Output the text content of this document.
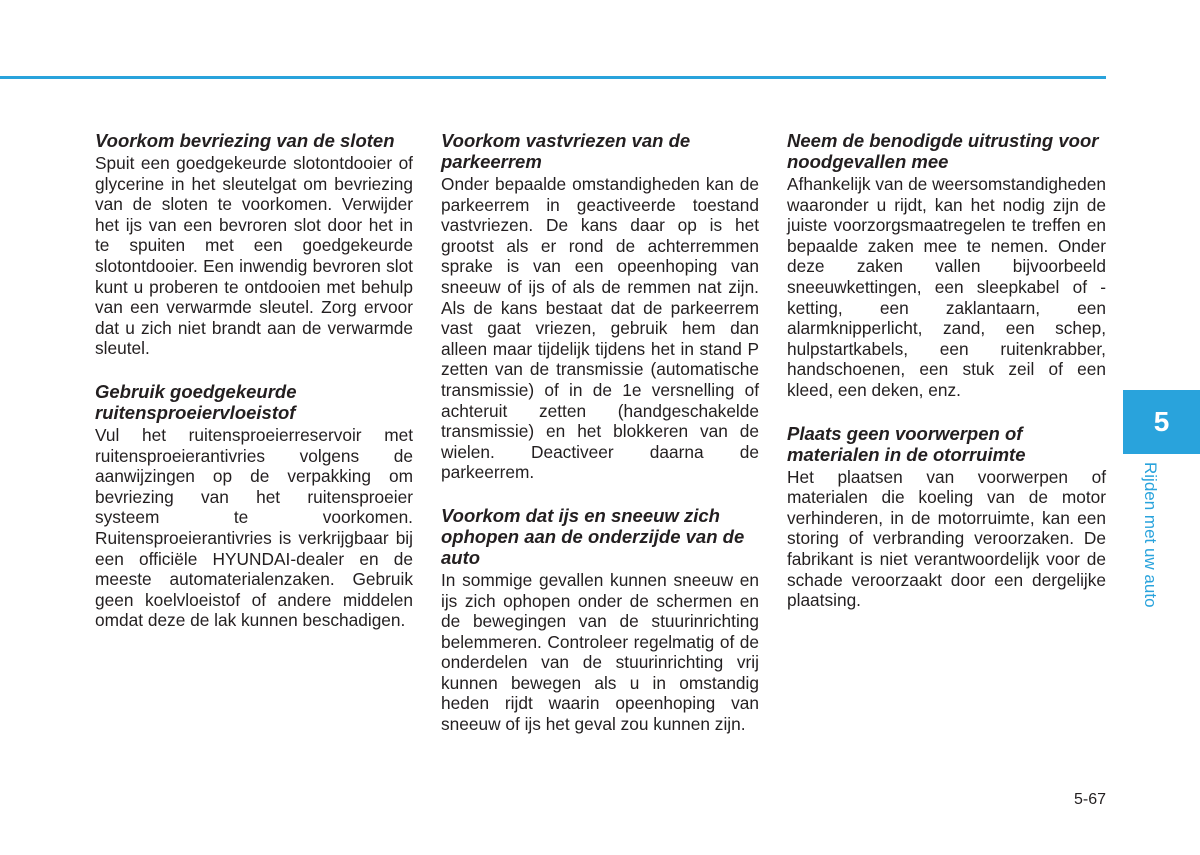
Voorkom bevriezing van de sloten

Spuit een goedgekeurde slotontdooier of glycerine in het sleutelgat om bevriezing van de sloten te voorkomen. Verwijder het ijs van een bevroren slot door het in te spuiten met een goedgekeurde slotontdooier. Een inwendig bevroren slot kunt u proberen te ontdooien met behulp van een verwarmde sleutel. Zorg ervoor dat u zich niet brandt aan de verwarmde sleutel.

Gebruik goedgekeurde ruitensproeiervloeistof

Vul het ruitensproeierreservoir met ruitensproeierantivries volgens de aanwijzingen op de verpakking om bevriezing van het ruitensproeier systeem te voorkomen. Ruitensproeierantivries is verkrijgbaar bij een officiële HYUNDAI-dealer en de meeste automaterialenzaken. Gebruik geen koelvloeistof of andere middelen omdat deze de lak kunnen beschadigen.

Voorkom vastvriezen van de parkeerrem

Onder bepaalde omstandigheden kan de parkeerrem in geactiveerde toestand vastvriezen. De kans daar op is het grootst als er rond de achterremmen sprake is van een opeenhoping van sneeuw of ijs of als de remmen nat zijn. Als de kans bestaat dat de parkeerrem vast gaat vriezen, gebruik hem dan alleen maar tijdelijk tijdens het in stand P zetten van de transmissie (automatische transmissie) of in de 1e versnelling of achteruit zetten (handgeschakelde transmissie) en het blokkeren van de wielen. Deactiveer daarna de parkeerrem.

Voorkom dat ijs en sneeuw zich ophopen aan de onderzijde van de auto

In sommige gevallen kunnen sneeuw en ijs zich ophopen onder de schermen en de bewegingen van de stuurinrichting belemmeren. Controleer regelmatig of de onderdelen van de stuurinrichting vrij kunnen bewegen als u in omstandig heden rijdt waarin opeenhoping van sneeuw of ijs het geval zou kunnen zijn.

Neem de benodigde uitrusting voor noodgevallen mee

Afhankelijk van de weersomstandigheden waaronder u rijdt, kan het nodig zijn de juiste voorzorgsmaatregelen te treffen en bepaalde zaken mee te nemen. Onder deze zaken vallen bijvoorbeeld sneeuwkettingen, een sleepkabel of -ketting, een zaklantaarn, een alarmknipperlicht, zand, een schep, hulpstartkabels, een ruitenkrabber, handschoenen, een stuk zeil of een kleed, een deken, enz.

Plaats geen voorwerpen of materialen in de otorruimte

Het plaatsen van voorwerpen of materialen die koeling van de motor verhinderen, in de motorruimte, kan een storing of verbranding veroorzaken. De fabrikant is niet verantwoordelijk voor de schade veroorzaakt door een dergelijke plaatsing.

5
Rijden met uw auto
5-67
